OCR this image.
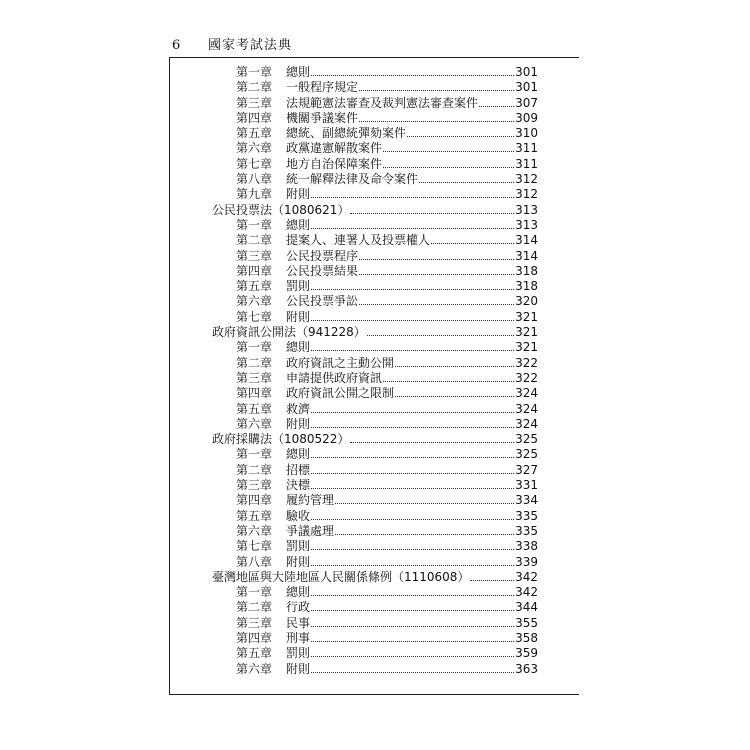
6	國家考試法典
第一章	總則	301
第二章	一般程序規定	301
第三章	法規範憲法審查及裁判憲法審查案件	307
第四章	機關爭議案件	309
第五章	總統、副總統彈劾案件	310
第六章	政黨違憲解散案件	311
第七章	地方自治保障案件	311
第八章	統一解釋法律及命令案件	312
第九章	附則	312
公民投票法（1080621）	313
第一章	總則	313
第二章	提案人、連署人及投票權人	314
第三章	公民投票程序	314
第四章	公民投票結果	318
第五章	罰則	318
第六章	公民投票爭訟	320
第七章	附則	321
政府資訊公開法（941228）	321
第一章	總則	321
第二章	政府資訊之主動公開	322
第三章	申請提供政府資訊	322
第四章	政府資訊公開之限制	324
第五章	救濟	324
第六章	附則	324
政府採購法（1080522）	325
第一章	總則	325
第二章	招標	327
第三章	決標	331
第四章	履約管理	334
第五章	驗收	335
第六章	爭議處理	335
第七章	罰則	338
第八章	附則	339
臺灣地區與大陸地區人民關係條例（1110608）	342
第一章	總則	342
第二章	行政	344
第三章	民事	355
第四章	刑事	358
第五章	罰則	359
第六章	附則	363
